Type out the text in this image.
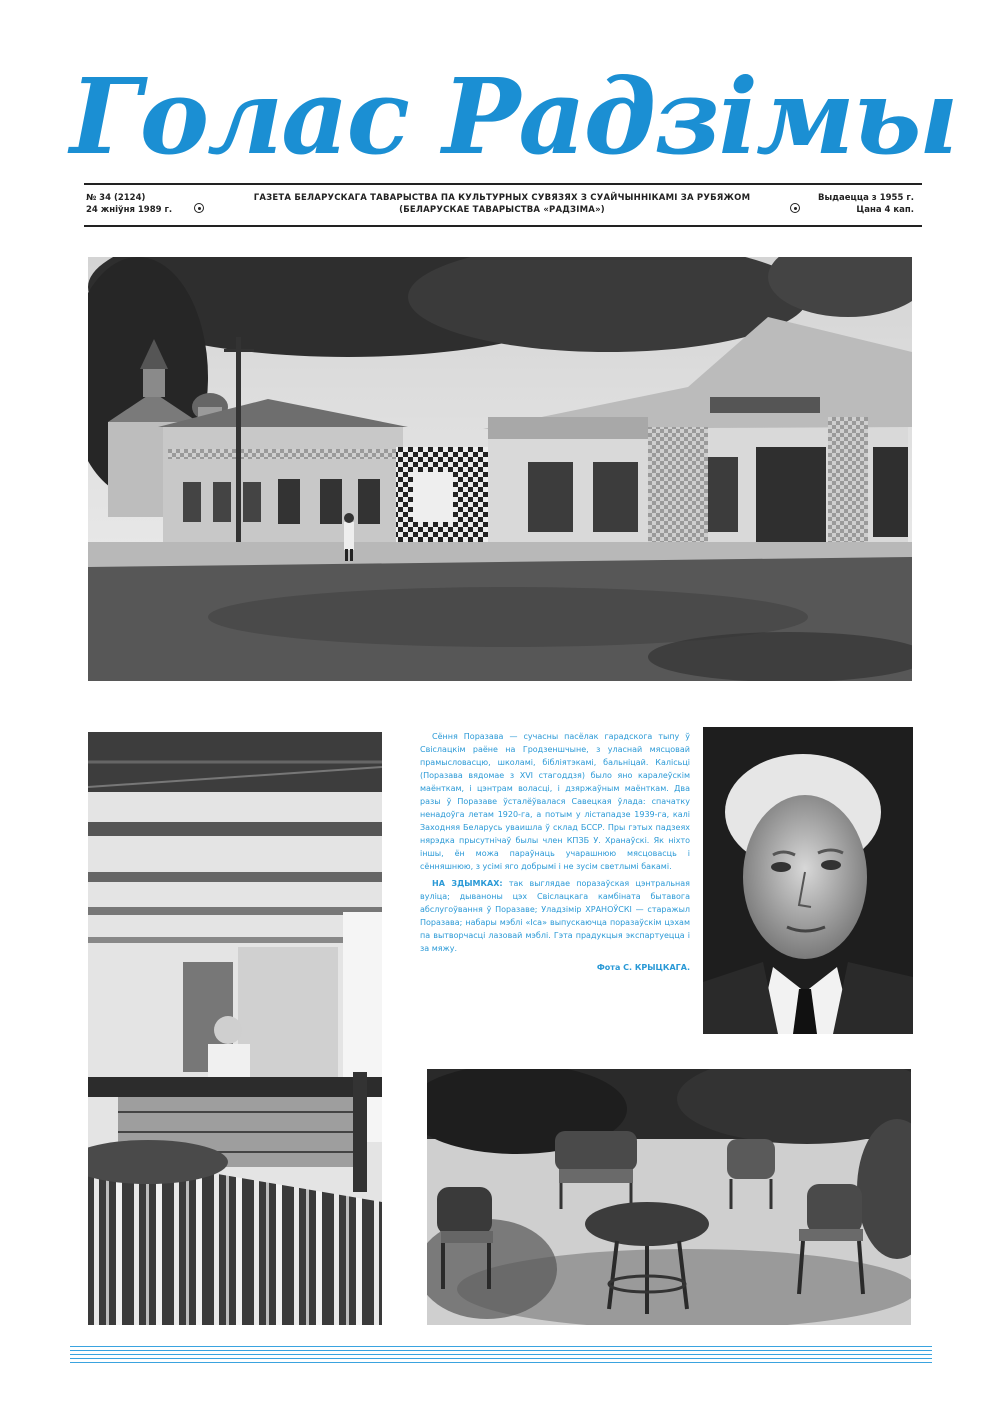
Голас Радзімы
№ 34 (2124)
24 жніўня 1989 г.
ГАЗЕТА БЕЛАРУСКАГА ТАВАРЫСТВА ПА КУЛЬТУРНЫХ СУВЯЗЯХ З СУАЙЧЫННІКАМІ ЗА РУБЯЖОМ
(БЕЛАРУСКАЕ ТАВАРЫСТВА «РАДЗІМА»)
Выдаецца з 1955 г.
Цана 4 кап.

Сёння Поразава — сучасны пасёлак гарадскога тыпу ў Свіслацкім раёне на Гродзеншчыне, з уласнай мясцовай прамысловасцю, школамі, бібліятэкамі, бальніцай. Калісьці (Поразава вядомае з XVI стагоддзя) было яно каралеўскім маёнткам, і цэнтрам воласці, і дзяржаўным маёнткам. Два разы ў Поразаве ўсталёўвалася Савецкая ўлада: спачатку ненадоўга летам 1920-га, а потым у лістападзе 1939-га, калі Заходняя Беларусь уваишла ў склад БССР. Пры гэтых падзеях нярэдка прысутнічаў былы член КПЗБ У. Хранаўскі. Як ніхто іншы, ён можа параўнаць учарашнюю мясцовасць і сённяшнюю, з усімі яго добрымі і не зусім светлымі бакамі.

НА ЗДЫМКАХ: так выглядае поразаўская цэнтральная вуліца; дываноны цэх Свіслацкага камбіната бытавога абслугоўвання ў Поразаве; Уладзімір ХРАНОЎСКІ — старажыл Поразава; набары мэблі «Іса» выпускаючца поразаўскім цэхам па вытворчасці лазовай мэблі. Гэта прадукцыя экспартуецца і за мяжу.

Фота С. КРЫЦКАГА.
